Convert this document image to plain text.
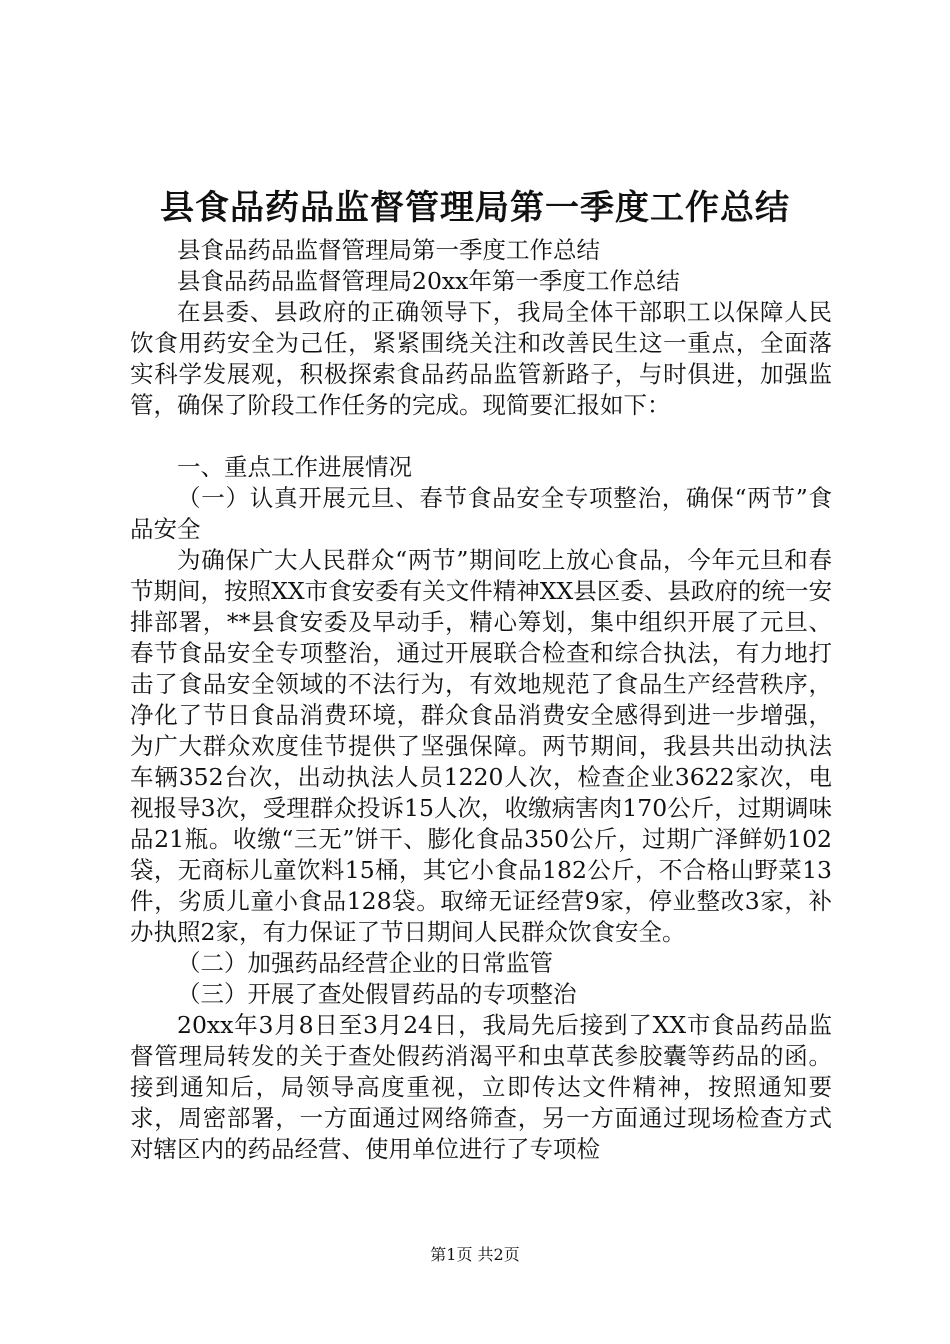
县食品药品监督管理局第一季度工作总结

县食品药品监督管理局第一季度工作总结

县食品药品监督管理局20xx年第一季度工作总结

在县委、县政府的正确领导下，我局全体干部职工以保障人民饮食用药安全为己任，紧紧围绕关注和改善民生这一重点，全面落实科学发展观，积极探索食品药品监管新路子，与时俱进，加强监管，确保了阶段工作任务的完成。现简要汇报如下：

一、重点工作进展情况

（一）认真开展元旦、春节食品安全专项整治，确保“两节”食品安全

为确保广大人民群众“两节”期间吃上放心食品，今年元旦和春节期间，按照XX市食安委有关文件精神XX县区委、县政府的统一安排部署，**县食安委及早动手，精心筹划，集中组织开展了元旦、春节食品安全专项整治，通过开展联合检查和综合执法，有力地打击了食品安全领域的不法行为，有效地规范了食品生产经营秩序，净化了节日食品消费环境，群众食品消费安全感得到进一步增强，为广大群众欢度佳节提供了坚强保障。两节期间，我县共出动执法车辆352台次，出动执法人员1220人次，检查企业3622家次，电视报导3次，受理群众投诉15人次，收缴病害肉170公斤，过期调味品21瓶。收缴“三无”饼干、膨化食品350公斤，过期广泽鲜奶102袋，无商标儿童饮料15桶，其它小食品182公斤，不合格山野菜13件，劣质儿童小食品128袋。取缔无证经营9家，停业整改3家，补办执照2家，有力保证了节日期间人民群众饮食安全。

（二）加强药品经营企业的日常监管

（三）开展了查处假冒药品的专项整治

20xx年3月8日至3月24日，我局先后接到了XX市食品药品监督管理局转发的关于查处假药消渴平和虫草芪参胶囊等药品的函。接到通知后，局领导高度重视，立即传达文件精神，按照通知要求，周密部署，一方面通过网络筛查，另一方面通过现场检查方式对辖区内的药品经营、使用单位进行了专项检

第1页 共2页
